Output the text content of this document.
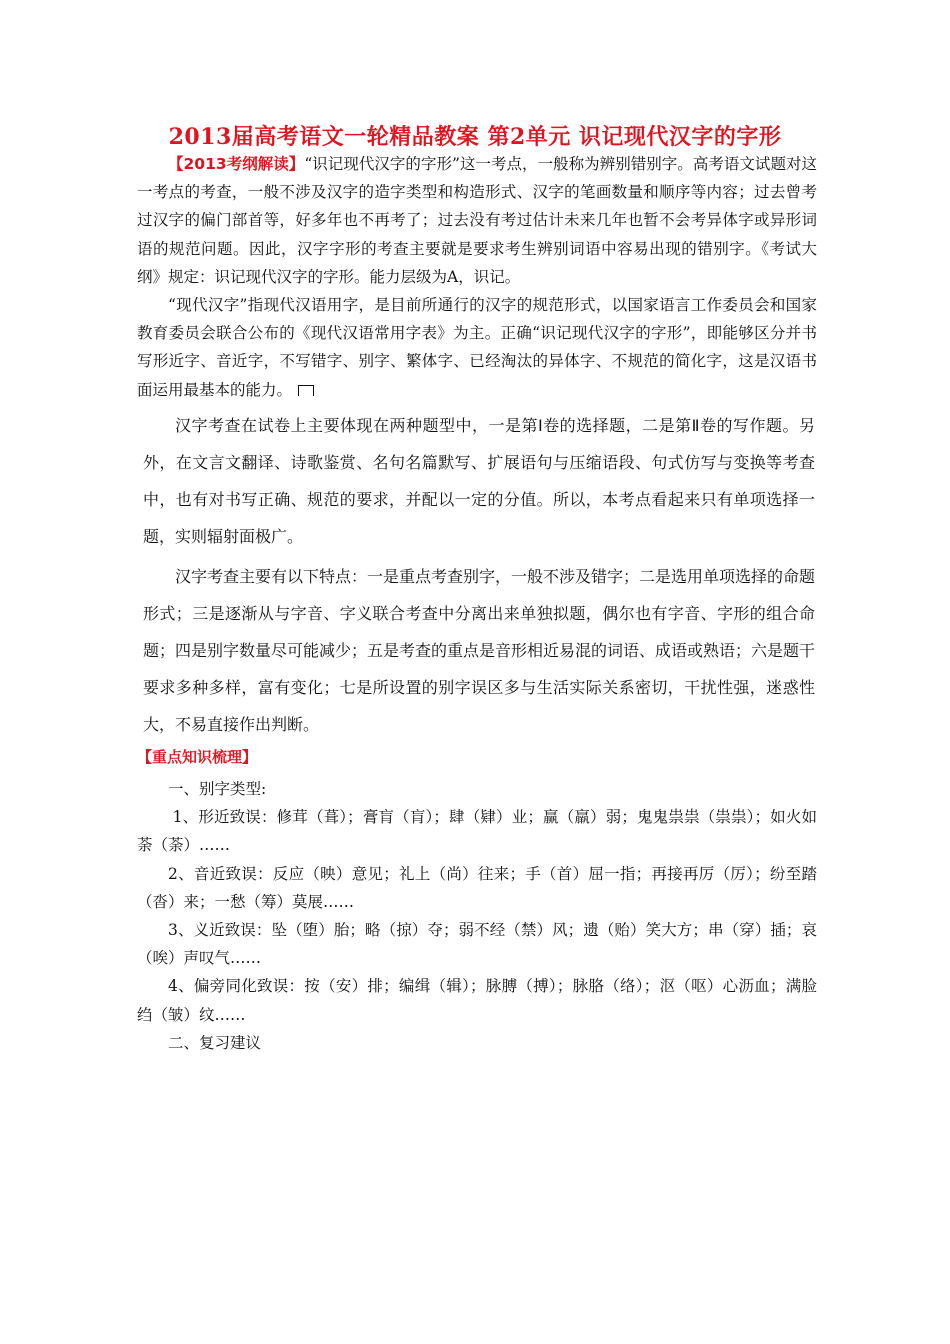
2013届高考语文一轮精品教案 第2单元 识记现代汉字的字形
【2013考纲解读】“识记现代汉字的字形”这一考点，一般称为辨别错别字。高考语文试题对这一考点的考查，一般不涉及汉字的造字类型和构造形式、汉字的笔画数量和顺序等内容；过去曾考过汉字的偏门部首等，好多年也不再考了；过去没有考过估计未来几年也暂不会考异体字或异形词语的规范问题。因此，汉字字形的考查主要就是要求考生辨别词语中容易出现的错别字。《考试大纲》规定：识记现代汉字的字形。能力层级为A，识记。
“现代汉字”指现代汉语用字，是目前所通行的汉字的规范形式，以国家语言工作委员会和国家教育委员会联合公布的《现代汉语常用字表》为主。正确“识记现代汉字的字形”，即能够区分并书写形近字、音近字，不写错字、别字、繁体字、已经淘汰的异体字、不规范的简化字，这是汉语书面运用最基本的能力。
汉字考查在试卷上主要体现在两种题型中，一是第Ⅰ卷的选择题，二是第Ⅱ卷的写作题。另外，在文言文翻译、诗歌鉴赏、名句名篇默写、扩展语句与压缩语段、句式仿写与变换等考查中，也有对书写正确、规范的要求，并配以一定的分值。所以，本考点看起来只有单项选择一题，实则辐射面极广。
汉字考查主要有以下特点：一是重点考查别字，一般不涉及错字；二是选用单项选择的命题形式；三是逐渐从与字音、字义联合考查中分离出来单独拟题，偶尔也有字音、字形的组合命题；四是别字数量尽可能减少；五是考查的重点是音形相近易混的词语、成语或熟语；六是题干要求多种多样，富有变化；七是所设置的别字误区多与生活实际关系密切，干扰性强，迷惑性大，不易直接作出判断。
【重点知识梳理】

一、别字类型:

1、形近致误：修茸（葺）；膏肓（肓）；肆（肄）业；赢（羸）弱；鬼鬼祟祟（祟祟）；如火如荼（荼）……

2、音近致误：反应（映）意见；礼上（尚）往来；手（首）屈一指；再接再厉（厉）；纷至踏（沓）来；一愁（筹）莫展……

3、义近致误：坠（堕）胎；略（掠）夺；弱不经（禁）风；遗（贻）笑大方；串（穿）插；哀（唉）声叹气……

4、偏旁同化致误：按（安）排；编缉（辑）；脉膊（搏）；脉胳（络）；沤（呕）心沥血；满脸绉（皱）纹……

二、复习建议
